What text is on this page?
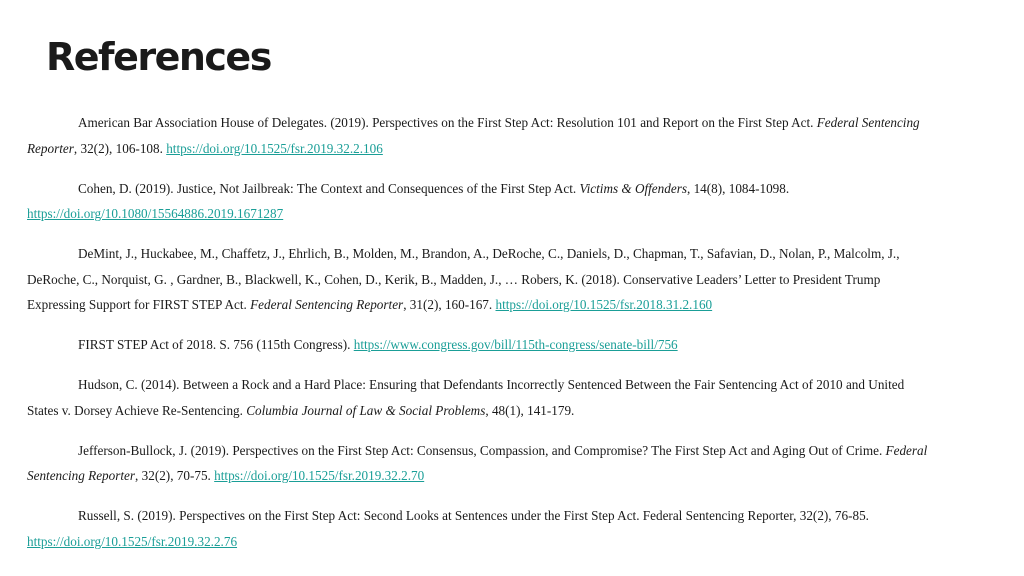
References

American Bar Association House of Delegates. (2019). Perspectives on the First Step Act: Resolution 101 and Report on the First Step Act. Federal Sentencing
Reporter, 32(2), 106-108. https://doi.org/10.1525/fsr.2019.32.2.106

Cohen, D. (2019). Justice, Not Jailbreak: The Context and Consequences of the First Step Act. Victims & Offenders, 14(8), 1084-1098.
https://doi.org/10.1080/15564886.2019.1671287

DeMint, J., Huckabee, M., Chaffetz, J., Ehrlich, B., Molden, M., Brandon, A., DeRoche, C., Daniels, D., Chapman, T., Safavian, D., Nolan, P., Malcolm, J.,
DeRoche, C., Norquist, G. , Gardner, B., Blackwell, K., Cohen, D., Kerik, B., Madden, J., … Robers, K. (2018). Conservative Leaders’ Letter to President Trump
Expressing Support for FIRST STEP Act. Federal Sentencing Reporter, 31(2), 160-167. https://doi.org/10.1525/fsr.2018.31.2.160

FIRST STEP Act of 2018. S. 756 (115th Congress). https://www.congress.gov/bill/115th-congress/senate-bill/756

Hudson, C. (2014). Between a Rock and a Hard Place: Ensuring that Defendants Incorrectly Sentenced Between the Fair Sentencing Act of 2010 and United
States v. Dorsey Achieve Re-Sentencing. Columbia Journal of Law & Social Problems, 48(1), 141-179.

Jefferson-Bullock, J. (2019). Perspectives on the First Step Act: Consensus, Compassion, and Compromise? The First Step Act and Aging Out of Crime. Federal
Sentencing Reporter, 32(2), 70-75. https://doi.org/10.1525/fsr.2019.32.2.70

Russell, S. (2019). Perspectives on the First Step Act: Second Looks at Sentences under the First Step Act. Federal Sentencing Reporter, 32(2), 76-85.
https://doi.org/10.1525/fsr.2019.32.2.76
